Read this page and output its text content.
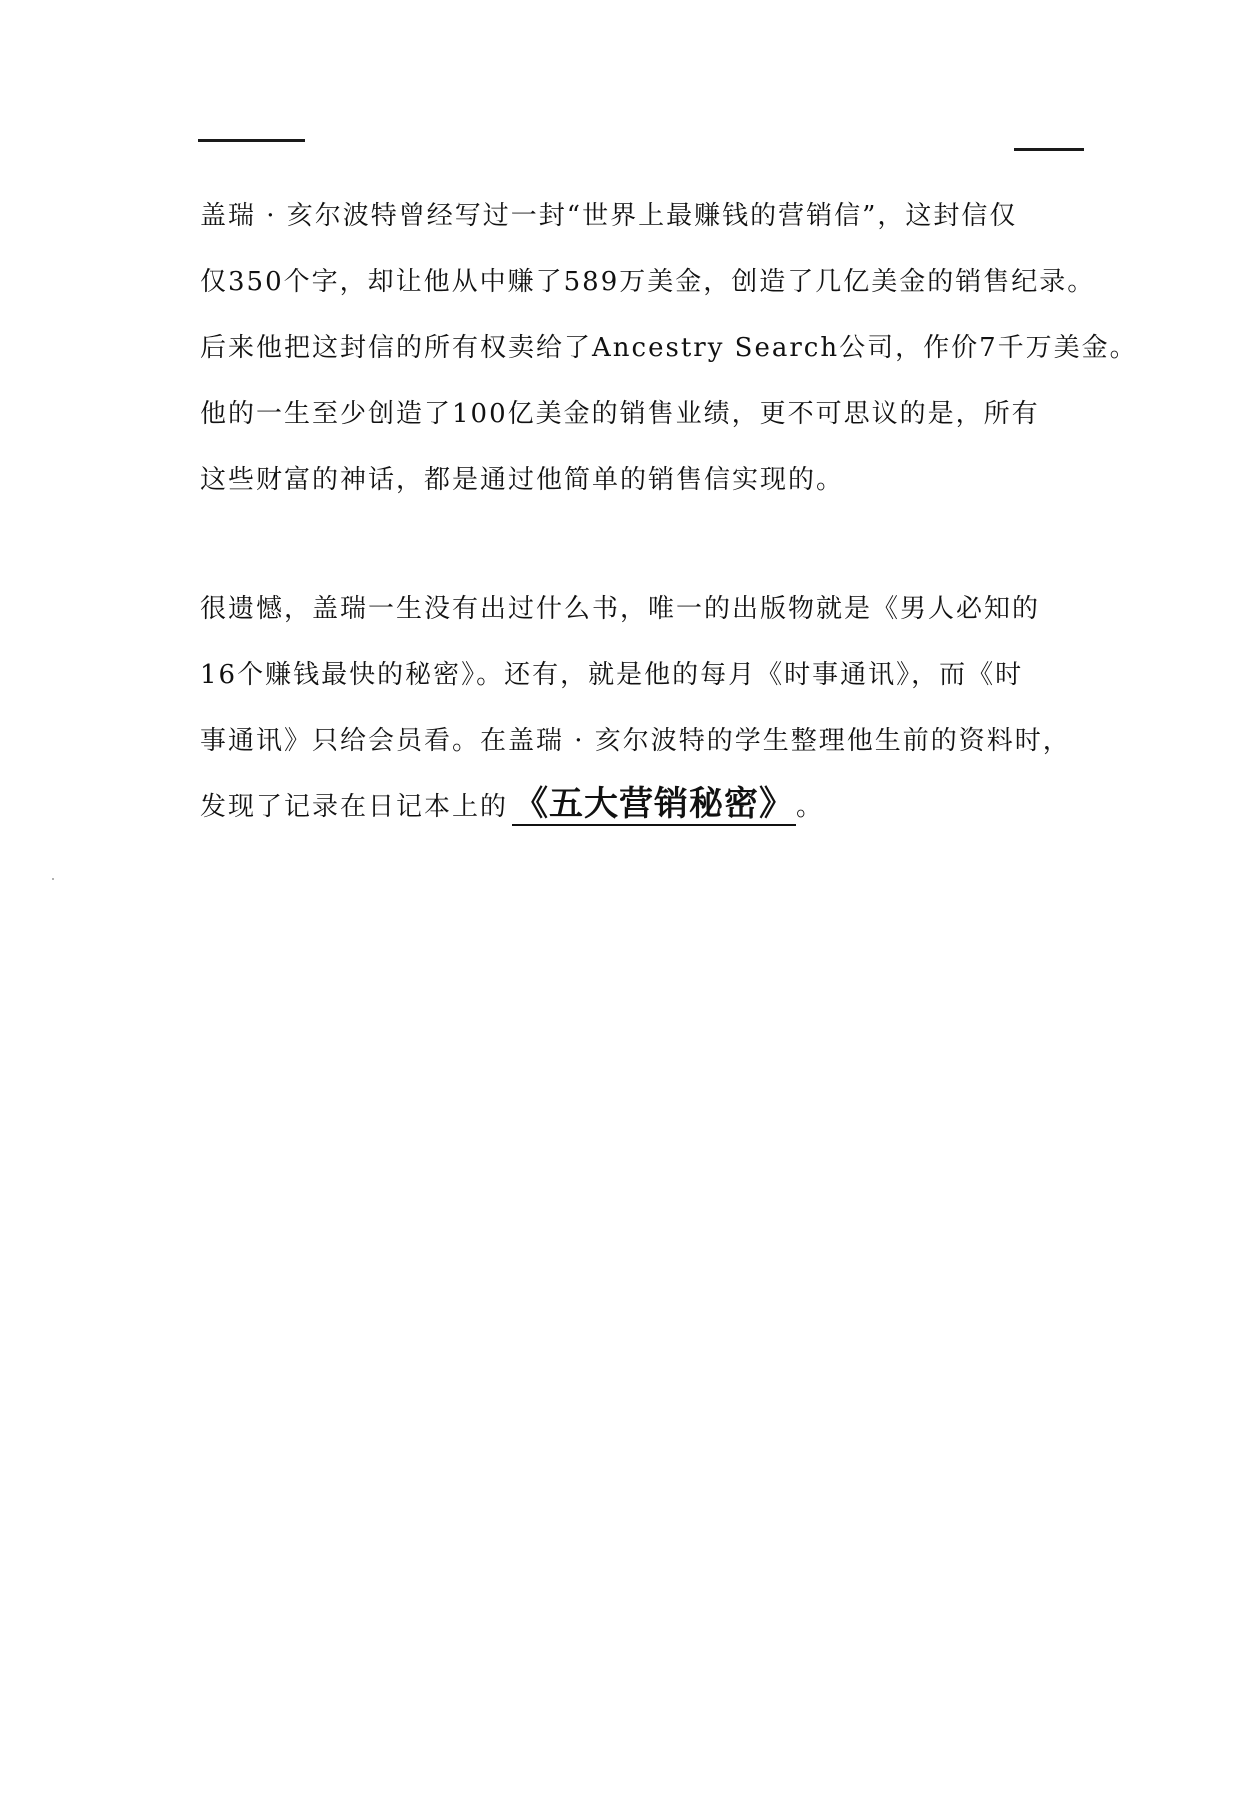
盖瑞 · 亥尔波特曾经写过一封“世界上最赚钱的营销信”，这封信仅
仅350个字，却让他从中赚了589万美金，创造了几亿美金的销售纪录。
后来他把这封信的所有权卖给了Ancestry Search公司，作价7千万美金。
他的一生至少创造了100亿美金的销售业绩，更不可思议的是，所有
这些财富的神话，都是通过他简单的销售信实现的。

很遗憾，盖瑞一生没有出过什么书，唯一的出版物就是《男人必知的
16个赚钱最快的秘密》。还有，就是他的每月《时事通讯》，而《时
事通讯》只给会员看。在盖瑞 · 亥尔波特的学生整理他生前的资料时，
发现了记录在日记本上的 《五大营销秘密》。
